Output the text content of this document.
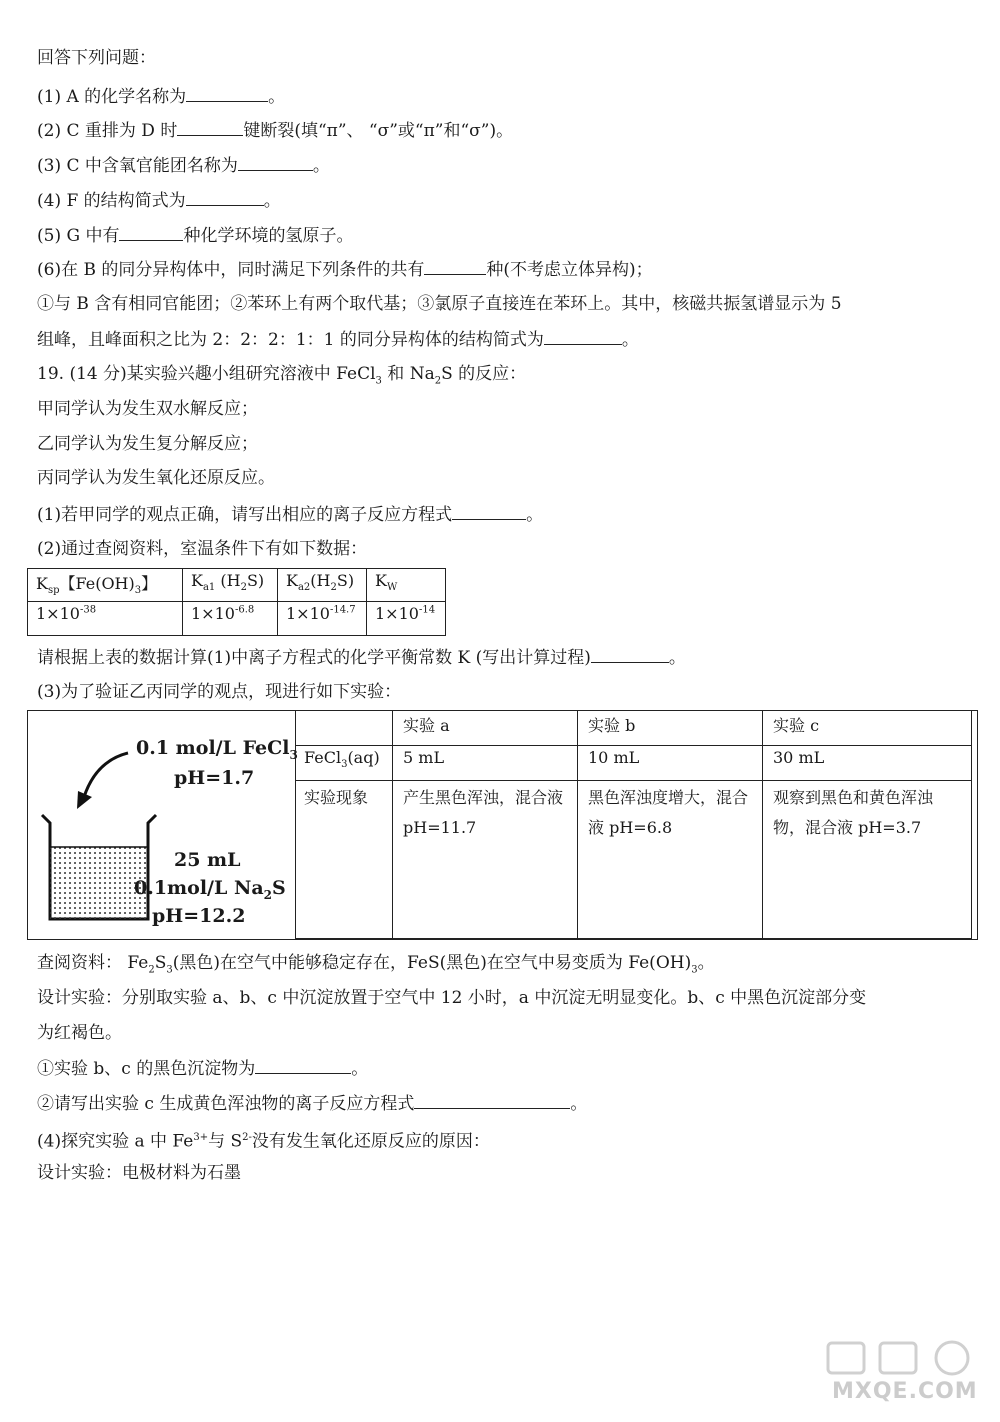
回答下列问题：
(1) A 的化学名称为	。
(2) C 重排为 D 时	键断裂(填“π”、 “σ”或“π”和“σ”)。
(3) C 中含氧官能团名称为	。
(4) F 的结构简式为	。
(5) G 中有	种化学环境的氢原子。
(6)在 B 的同分异构体中，同时满足下列条件的共有	种(不考虑立体异构)；
①与 B 含有相同官能团；②苯环上有两个取代基；③氯原子直接连在苯环上。其中，核磁共振氢谱显示为 5
组峰，且峰面积之比为 2：2：2：1：1 的同分异构体的结构简式为	。
19. (14 分)某实验兴趣小组研究溶液中 FeCl$_3$ 和 $Na_2S$ 的反应：
甲同学认为发生双水解反应；
乙同学认为发生复分解反应；
丙同学认为发生氧化还原反应。
(1)若甲同学的观点正确，请写出相应的离子反应方程式	。
(2)通过查阅资料，室温条件下有如下数据：
$K_{sp}$【$Fe(OH)_3$】	$K_{a1}$ $(H_2S)$	$K_{a2}(H_2S)$	$K_W$
$1\times 10^{-38}$	$1\times 10^{-6.8}$	$1\times 10^{-14.7}$	$1\times 10^{-14}$
请根据上表的数据计算(1)中离子方程式的化学平衡常数 K (写出计算过程)	。
(3)为了验证乙丙同学的观点，现进行如下实验：
0.1 mol/L FeCl$_3$
pH=1.7
25 mL
0.1mol/L $Na_2S$
pH=12.2
	实验 a	实验 b	实验 c
FeCl$_3$(aq)	5 mL	10 mL	30 mL
实验现象	产生黑色浑浊，混合液 pH=11.7	黑色浑浊度增大，混合液 pH=6.8	观察到黑色和黄色浑浊物，混合液 pH=3.7
查阅资料： $Fe_2S_3$(黑色)在空气中能够稳定存在，FeS(黑色)在空气中易变质为 $Fe(OH)_3$。
设计实验：分别取实验 a、b、c 中沉淀放置于空气中 12 小时，a 中沉淀无明显变化。b、c 中黑色沉淀部分变
为红褐色。
①实验 b、c 的黑色沉淀物为	。
②请写出实验 c 生成黄色浑浊物的离子反应方程式	。
(4)探究实验 a 中 $Fe^{3+}$与 $S^{2-}$没有发生氧化还原反应的原因：
设计实验：电极材料为石墨
MXQE.COM
